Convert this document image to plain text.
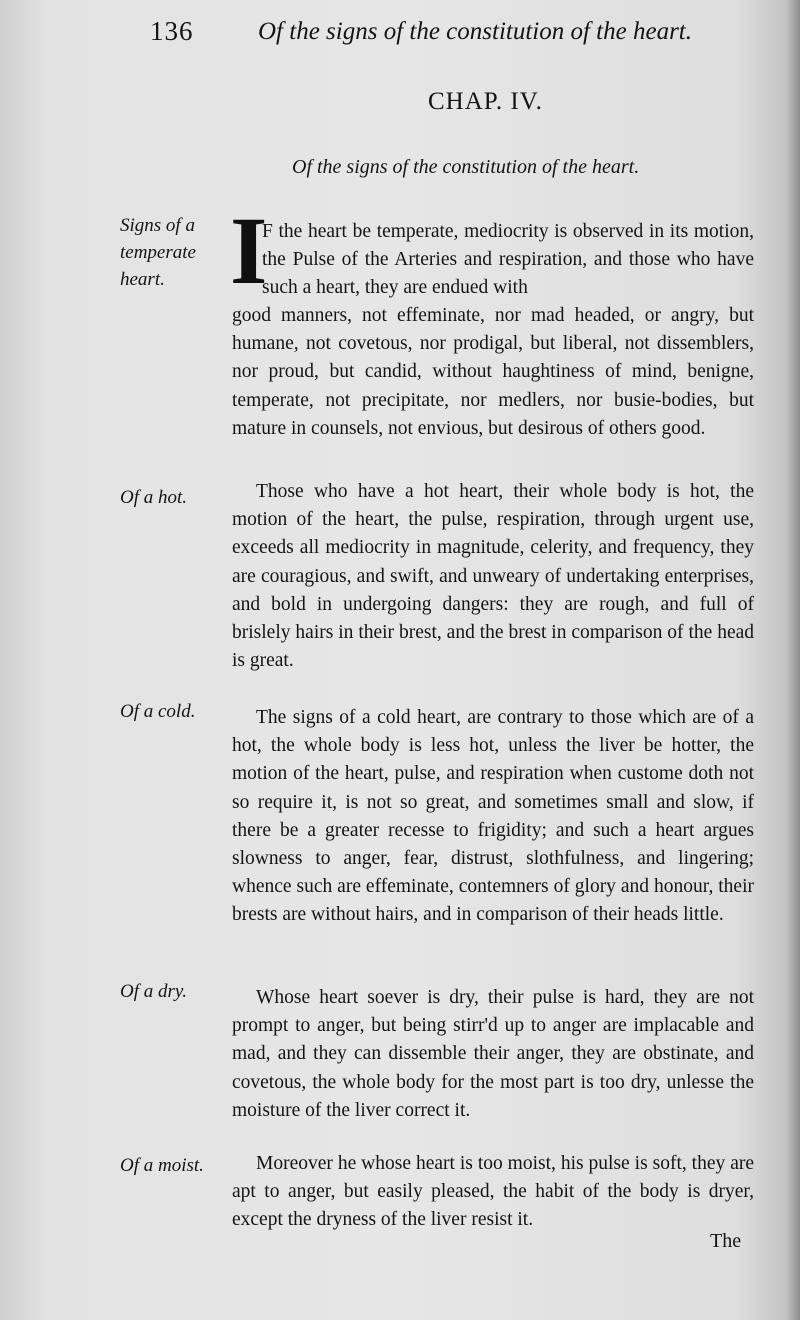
136	Of the signs of the constitution of the heart.
CHAP. IV.
Of the signs of the constitution of the heart.
Signs of a temperate heart. I
F the heart be temperate, mediocrity is observed in its motion, the Pulse of the Arteries and respiration, and those who have such a heart, they are endued with
good manners, not effeminate, nor mad headed, or angry, but humane, not covetous, nor prodigal, but liberal, not dissemblers, nor proud, but candid, without haughtiness of mind, benigne, temperate, not precipitate, nor medlers, nor busie-bodies, but mature in counsels, not envious, but desirous of others good.
Of a hot.	Those who have a hot heart, their whole body is hot, the motion of the heart, the pulse, respiration, through urgent use, exceeds all mediocrity in magnitude, celerity, and frequency, they are couragious, and swift, and unweary of undertaking enterprises, and bold in undergoing dangers: they are rough, and full of brislely hairs in their brest, and the brest in comparison of the head is great.
Of a cold.	The signs of a cold heart, are contrary to those which are of a hot, the whole body is less hot, unless the liver be hotter, the motion of the heart, pulse, and respiration when custome doth not so require it, is not so great, and sometimes small and slow, if there be a greater recesse to frigidity; and such a heart argues slowness to anger, fear, distrust, slothfulness, and lingering; whence such are effeminate, contemners of glory and honour, their brests are without hairs, and in comparison of their heads little.
Of a dry.	Whose heart soever is dry, their pulse is hard, they are not prompt to anger, but being stirr'd up to anger are implacable and mad, and they can dissemble their anger, they are obstinate, and covetous, the whole body for the most part is too dry, unlesse the moisture of the liver correct it.
Of a moist.	Moreover he whose heart is too moist, his pulse is soft, they are apt to anger, but easily pleased, the habit of the body is dryer, except the dryness of the liver resist it.
The
